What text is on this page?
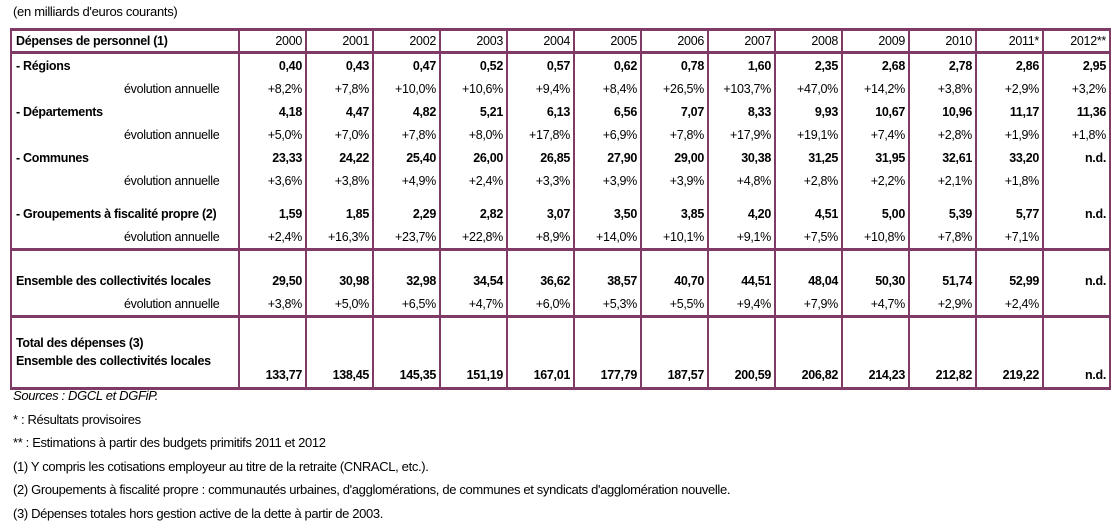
(en milliards d'euros courants)
Dépenses de personnel (1)	2000	2001	2002	2003	2004	2005	2006	2007	2008	2009	2010	2011*	2012**
- Régions	0,40	0,43	0,47	0,52	0,57	0,62	0,78	1,60	2,35	2,68	2,78	2,86	2,95
évolution annuelle	+8,2%	+7,8%	+10,0%	+10,6%	+9,4%	+8,4%	+26,5%	+103,7%	+47,0%	+14,2%	+3,8%	+2,9%	+3,2%
- Départements	4,18	4,47	4,82	5,21	6,13	6,56	7,07	8,33	9,93	10,67	10,96	11,17	11,36
évolution annuelle	+5,0%	+7,0%	+7,8%	+8,0%	+17,8%	+6,9%	+7,8%	+17,9%	+19,1%	+7,4%	+2,8%	+1,9%	+1,8%
- Communes	23,33	24,22	25,40	26,00	26,85	27,90	29,00	30,38	31,25	31,95	32,61	33,20	n.d.
évolution annuelle	+3,6%	+3,8%	+4,9%	+2,4%	+3,3%	+3,9%	+3,9%	+4,8%	+2,8%	+2,2%	+2,1%	+1,8%	

- Groupements à fiscalité propre (2)	1,59	1,85	2,29	2,82	3,07	3,50	3,85	4,20	4,51	5,00	5,39	5,77	n.d.
évolution annuelle	+2,4%	+16,3%	+23,7%	+22,8%	+8,9%	+14,0%	+10,1%	+9,1%	+7,5%	+10,8%	+7,8%	+7,1%	

Ensemble des collectivités locales	29,50	30,98	32,98	34,54	36,62	38,57	40,70	44,51	48,04	50,30	51,74	52,99	n.d.
évolution annuelle	+3,8%	+5,0%	+6,5%	+4,7%	+6,0%	+5,3%	+5,5%	+9,4%	+7,9%	+4,7%	+2,9%	+2,4%	

Total des dépenses (3)
Ensemble des collectivités locales	133,77	138,45	145,35	151,19	167,01	177,79	187,57	200,59	206,82	214,23	212,82	219,22	n.d.
Sources : DGCL et DGFiP.
* : Résultats provisoires
** : Estimations à partir des budgets primitifs 2011 et 2012
(1) Y compris les cotisations employeur au titre de la retraite (CNRACL, etc.).
(2) Groupements à fiscalité propre : communautés urbaines, d'agglomérations, de communes et syndicats d'agglomération nouvelle.
(3) Dépenses totales hors gestion active de la dette à partir de 2003.
